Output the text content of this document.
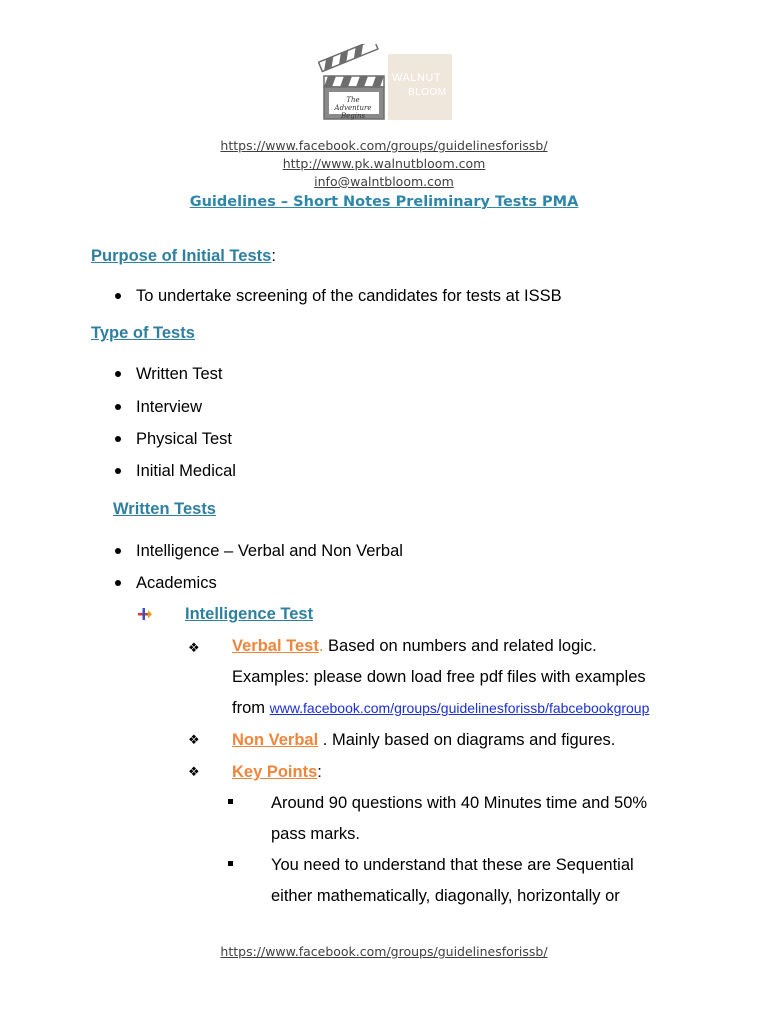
The Adventure
Begins
WALNUT
BLOOM
https://www.facebook.com/groups/guidelinesforissb/
http://www.pk.walnutbloom.com
info@walntbloom.com
Guidelines – Short Notes Preliminary Tests PMA
Purpose of Initial Tests:
To undertake screening of the candidates for tests at ISSB
Type of Tests
Written Test
Interview
Physical Test
Initial Medical
Written Tests
Intelligence – Verbal and Non Verbal
Academics
Intelligence Test
❖ Verbal Test. Based on numbers and related logic.
Examples: please down load free pdf files with examples
from www.facebook.com/groups/guidelinesforissb/fabcebookgroup
❖ Non Verbal . Mainly based on diagrams and figures.
❖ Key Points:
Around 90 questions with 40 Minutes time and 50%
pass marks.
You need to understand that these are Sequential
either mathematically, diagonally, horizontally or
https://www.facebook.com/groups/guidelinesforissb/
